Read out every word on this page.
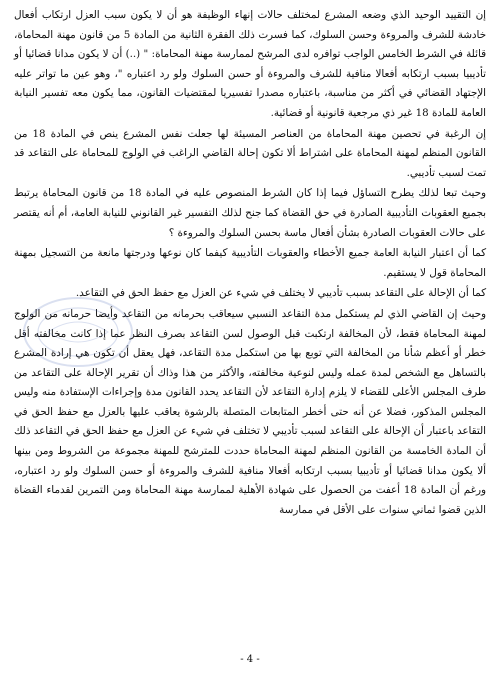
إن التقييد الوحيد الذي وضعه المشرع لمختلف حالات إنهاء الوظيفة هو أن لا يكون سبب العزل ارتكاب أفعال خادشة للشرف والمروءة وحسن السلوك، كما فسرت ذلك الفقرة الثانية من المادة 5 من قانون مهنة المحاماة، قائلة في الشرط الخامس الواجب توافره لدى المرشح لممارسة مهنة المحاماة: " (..) أن لا يكون مدانا قضائيا أو تأديبيا بسبب ارتكابه أفعالا منافية للشرف والمروءة أو حسن السلوك ولو رد اعتباره "، وهو عين ما تواتر عليه الإجتهاد القضائي في أكثر من مناسبة، باعتباره مصدرا تفسيريا لمقتضيات القانون، مما يكون معه تفسير النيابة العامة للمادة 18 غير ذي مرجعية قانونية أو قضائية.

إن الرغبة في تحصين مهنة المحاماة من العناصر المسيئة لها جعلت نفس المشرع ينص في المادة 18 من القانون المنظم لمهنة المحاماة على اشتراط ألا تكون إحالة القاضي الراغب في الولوج للمحاماة على التقاعد قد تمت لسبب تأديبي.

وحيث تبعا لذلك يطرح التساؤل فيما إذا كان الشرط المنصوص عليه في المادة 18 من قانون المحاماة يرتبط بجميع العقوبات التأديبية الصادرة في حق القضاة كما جنح لذلك التفسير غير القانوني للنيابة العامة، أم أنه يقتصر على حالات العقوبات الصادرة بشأن أفعال ماسة بحسن السلوك والمروءة ؟

كما أن اعتبار النيابة العامة جميع الأخطاء والعقوبات التأديبية كيفما كان نوعها ودرجتها مانعة من التسجيل بمهنة المحاماة قول لا يستقيم.

كما أن الإحالة على التقاعد بسبب تأديبي لا يختلف في شيء عن العزل مع حفظ الحق في التقاعد.

وحيث إن القاضي الذي لم يستكمل مدة التقاعد النسبي سيعاقب بحرمانه من التقاعد وأيضا حرمانه من الولوج لمهنة المحاماة فقط، لأن المخالفة ارتكبت قبل الوصول لسن التقاعد بصرف النظر عما إذا كانت مخالفته أقل خطر أو أعظم شأنا من المخالفة التي توبع بها من استكمل مدة التقاعد، فهل يعقل أن تكون هي إرادة المشرع بالتساهل مع الشخص لمدة عمله وليس لنوعية مخالفته، والأكثر من هذا وذاك أن تقرير الإحالة على التقاعد من طرف المجلس الأعلى للقضاء لا يلزم إدارة التقاعد لأن التقاعد يحدد القانون مدة وإجراءات الإستفادة منه وليس المجلس المذكور، فضلا عن أنه حتى أخطر المتابعات المتصلة بالرشوة يعاقب عليها بالعزل مع حفظ الحق في التقاعد باعتبار أن الإحالة على التقاعد لسبب تأديبي لا تختلف في شيء عن العزل مع حفظ الحق في التقاعد ذلك أن المادة الخامسة من القانون المنظم لمهنة المحاماة حددت للمترشح للمهنة مجموعة من الشروط ومن بينها ألا يكون مدانا قضائيا أو تأديبيا بسبب ارتكابه أفعالا منافية للشرف والمروءة أو حسن السلوك ولو رد اعتباره، ورغم أن المادة 18 أعفت من الحصول على شهادة الأهلية لممارسة مهنة المحاماة ومن التمرين لقدماء القضاة الذين قضوا ثماني سنوات على الأقل في ممارسة

- 4 -
